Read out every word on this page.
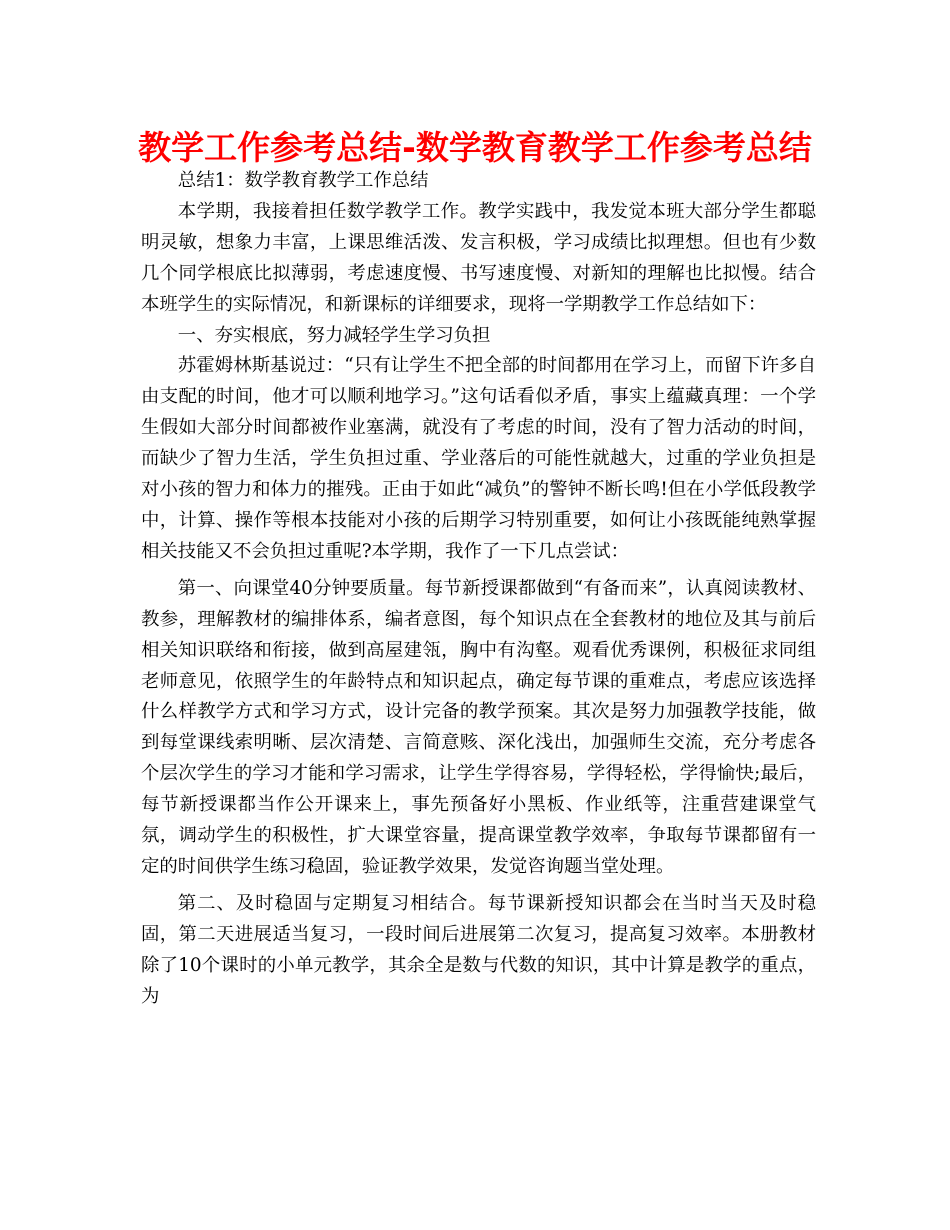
教学工作参考总结-数学教育教学工作参考总结

总结1：数学教育教学工作总结

本学期，我接着担任数学教学工作。教学实践中，我发觉本班大部分学生都聪明灵敏，想象力丰富，上课思维活泼、发言积极，学习成绩比拟理想。但也有少数几个同学根底比拟薄弱，考虑速度慢、书写速度慢、对新知的理解也比拟慢。结合本班学生的实际情况，和新课标的详细要求，现将一学期教学工作总结如下：

一、夯实根底，努力减轻学生学习负担

苏霍姆林斯基说过：“只有让学生不把全部的时间都用在学习上，而留下许多自由支配的时间，他才可以顺利地学习。”这句话看似矛盾，事实上蕴藏真理：一个学生假如大部分时间都被作业塞满，就没有了考虑的时间，没有了智力活动的时间，而缺少了智力生活，学生负担过重、学业落后的可能性就越大，过重的学业负担是对小孩的智力和体力的摧残。正由于如此“减负”的警钟不断长鸣!但在小学低段教学中，计算、操作等根本技能对小孩的后期学习特别重要，如何让小孩既能纯熟掌握相关技能又不会负担过重呢?本学期，我作了一下几点尝试：

第一、向课堂40分钟要质量。每节新授课都做到“有备而来”，认真阅读教材、教参，理解教材的编排体系，编者意图，每个知识点在全套教材的地位及其与前后相关知识联络和衔接，做到高屋建瓴，胸中有沟壑。观看优秀课例，积极征求同组老师意见，依照学生的年龄特点和知识起点，确定每节课的重难点，考虑应该选择什么样教学方式和学习方式，设计完备的教学预案。其次是努力加强教学技能，做到每堂课线索明晰、层次清楚、言简意赅、深化浅出，加强师生交流，充分考虑各个层次学生的学习才能和学习需求，让学生学得容易，学得轻松，学得愉快;最后，每节新授课都当作公开课来上，事先预备好小黑板、作业纸等，注重营建课堂气氛，调动学生的积极性，扩大课堂容量，提高课堂教学效率，争取每节课都留有一定的时间供学生练习稳固，验证教学效果，发觉咨询题当堂处理。

第二、及时稳固与定期复习相结合。每节课新授知识都会在当时当天及时稳固，第二天进展适当复习，一段时间后进展第二次复习，提高复习效率。本册教材除了10个课时的小单元教学，其余全是数与代数的知识，其中计算是教学的重点，为
